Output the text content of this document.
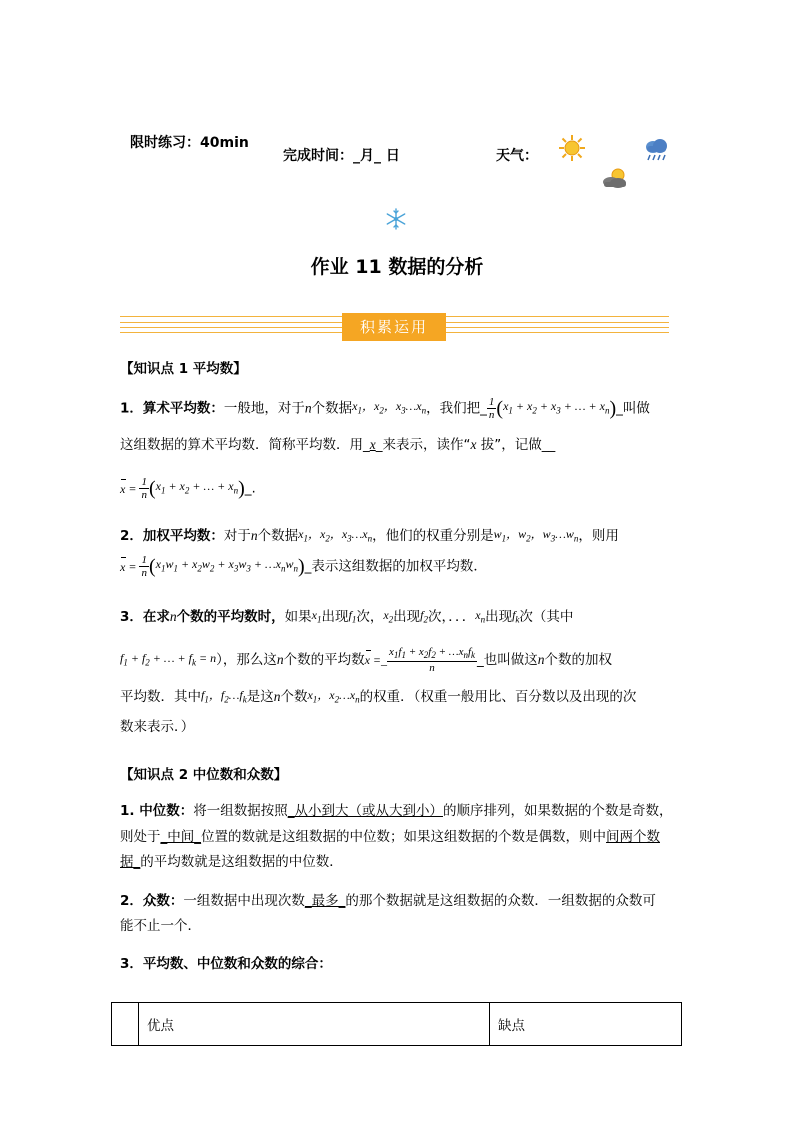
限时练习：40min
完成时间：_月_ 日	天气：
作业 11 数据的分析
积累运用
【知识点 1 平均数】
1．算术平均数：一般地，对于n个数据$x_1$，$x_2$，$x_3\dots x_n$，我们把_ $\frac{1}{n} (x_1 + x_2 + x_3$ + … + $x_n)\_$叫做
这组数据的算术平均数．简称平均数．用_x_来表示，读作“x 拔”，记做__
$x = \frac{1}{n} (x_1 + x_2$ + … + $x_n)\_$.
2．加权平均数：对于n个数据$x_1$，$x_2$，$x_3\dots x_n$，他们的权重分别是$w_1$，$w_2$，$w_3\dots w_n$，则用
$x = \frac{1}{n} (x_1w_1 + x_2w_2 + x_3w_3$ + $\dots x_nw_n)\_$表示这组数据的加权平均数．
3．在求n个数的平均数时，如果$x_1$出现$f_1$次，$x_2$出现$f_2$次，．．．$x_n$出现$f_k$次（其中
$f_1 + f_2$ + … + $f_k = n$），那么这n个数的平均数x =_ $\frac{x_1f_1 + x_2f_2 + \dots x_nf_k}{n}$ _也叫做这n个数的加权
平均数．其中$f_1$，$f_2\dots f_k$是这n个数$x_1$，$x_2\dots x_n$的权重．（权重一般用比、百分数以及出现的次
数来表示．）
【知识点 2 中位数和众数】
1. 中位数：将一组数据按照_从小到大（或从大到小）的顺序排列，如果数据的个数是奇数，
则处于_中间_位置的数就是这组数据的中位数；如果这组数据的个数是偶数，则中间两个数
据_的平均数就是这组数据的中位数．
2．众数：一组数据中出现次数_最多_的那个数据就是这组数据的众数．一组数据的众数可
能不止一个．
3．平均数、中位数和众数的综合：
	优点	缺点
